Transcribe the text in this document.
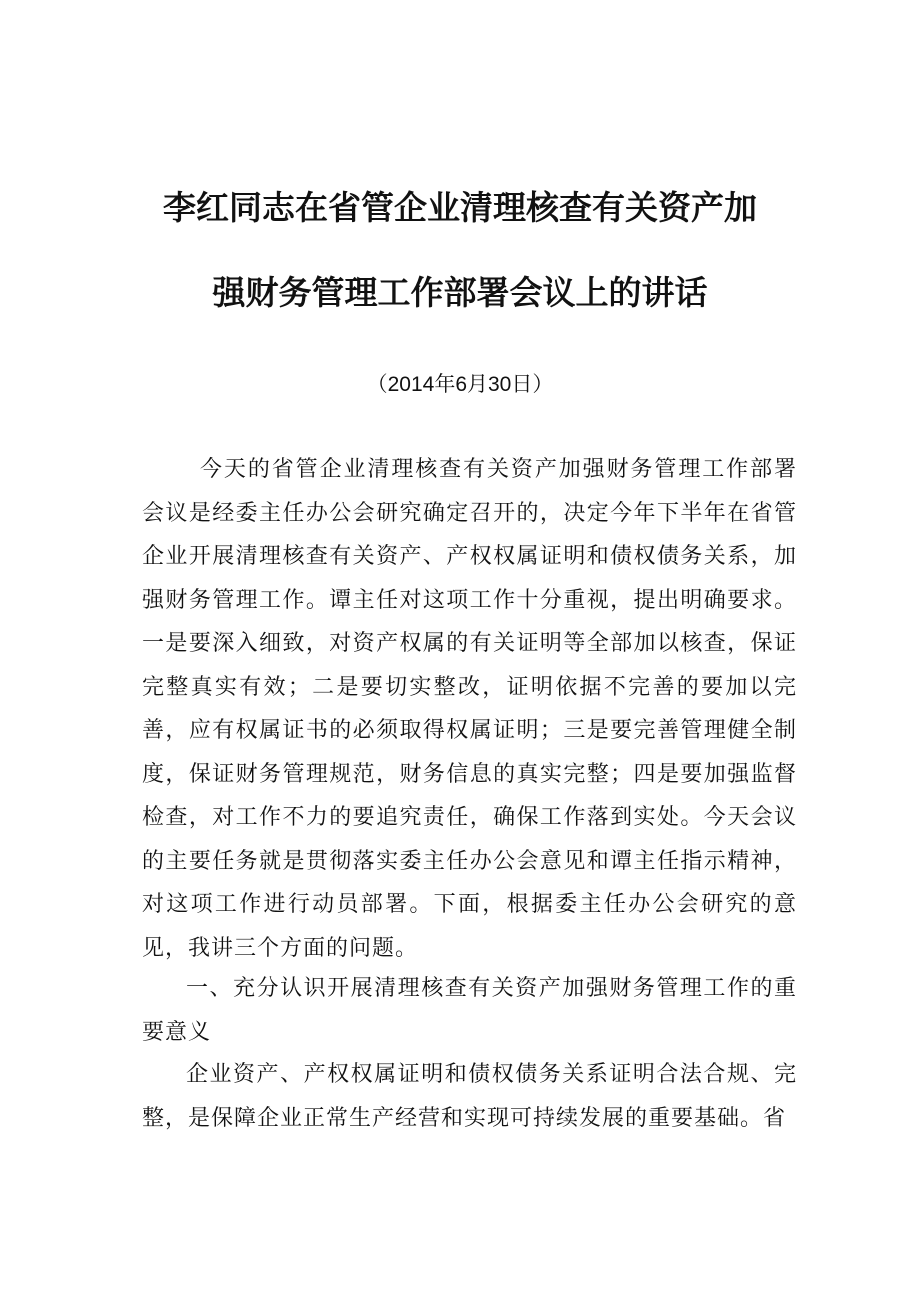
李红同志在省管企业清理核查有关资产加
强财务管理工作部署会议上的讲话
（2014年6月30日）

今天的省管企业清理核查有关资产加强财务管理工作部署会议是经委主任办公会研究确定召开的，决定今年下半年在省管企业开展清理核查有关资产、产权权属证明和债权债务关系，加强财务管理工作。谭主任对这项工作十分重视，提出明确要求。一是要深入细致，对资产权属的有关证明等全部加以核查，保证完整真实有效；二是要切实整改，证明依据不完善的要加以完善，应有权属证书的必须取得权属证明；三是要完善管理健全制度，保证财务管理规范，财务信息的真实完整；四是要加强监督检查，对工作不力的要追究责任，确保工作落到实处。今天会议的主要任务就是贯彻落实委主任办公会意见和谭主任指示精神，对这项工作进行动员部署。下面，根据委主任办公会研究的意见，我讲三个方面的问题。

一、充分认识开展清理核查有关资产加强财务管理工作的重要意义

企业资产、产权权属证明和债权债务关系证明合法合规、完整，是保障企业正常生产经营和实现可持续发展的重要基础。省
